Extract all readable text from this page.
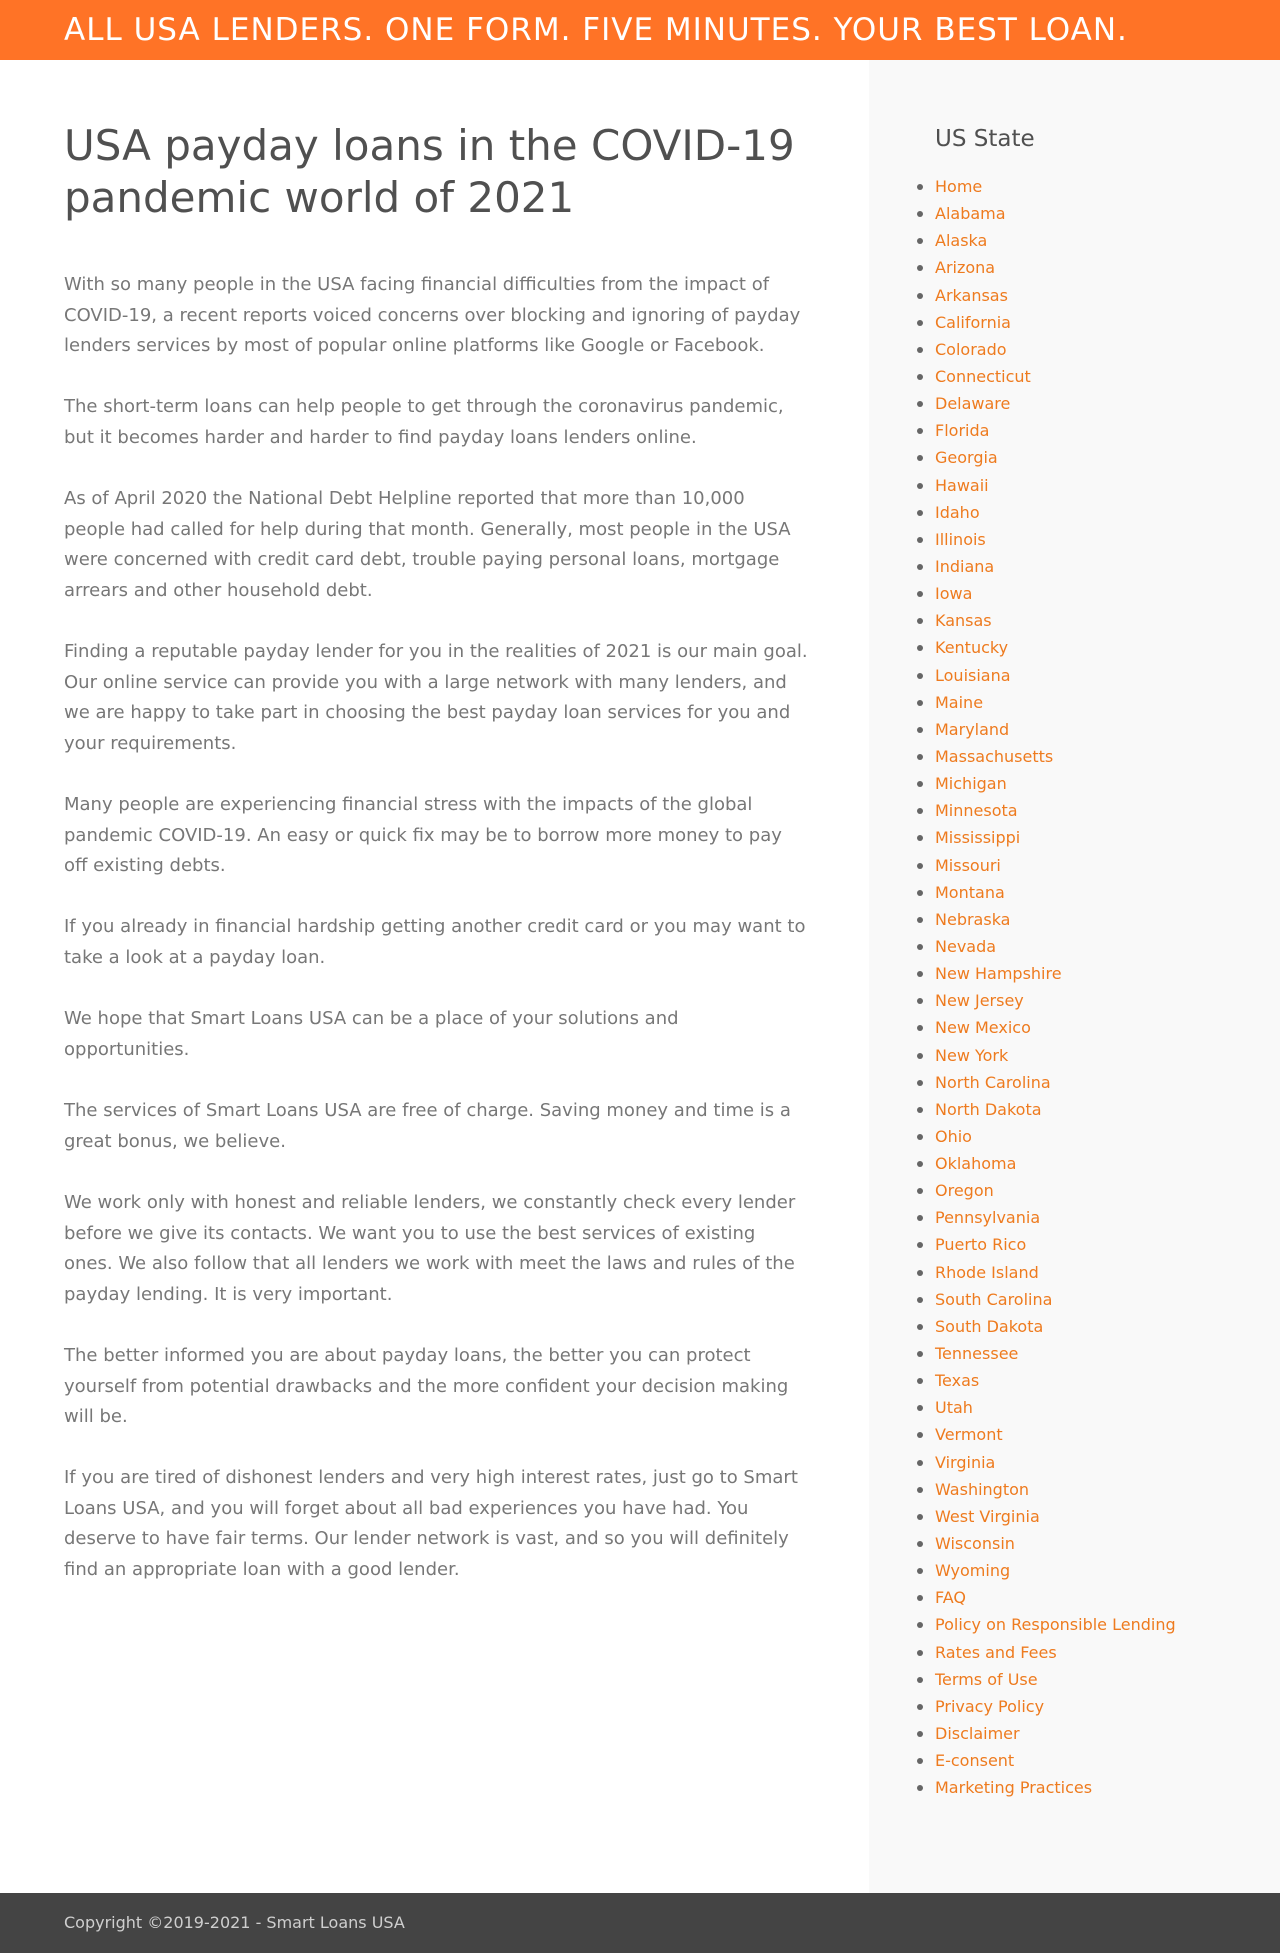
ALL USA LENDERS. ONE FORM. FIVE MINUTES. YOUR BEST LOAN.
USA payday loans in the COVID-19 pandemic world of 2021

With so many people in the USA facing financial difficulties from the impact of COVID-19, a recent reports voiced concerns over blocking and ignoring of payday lenders services by most of popular online platforms like Google or Facebook.

The short-term loans can help people to get through the coronavirus pandemic, but it becomes harder and harder to find payday loans lenders online.

As of April 2020 the National Debt Helpline reported that more than 10,000 people had called for help during that month. Generally, most people in the USA were concerned with credit card debt, trouble paying personal loans, mortgage arrears and other household debt.

Finding a reputable payday lender for you in the realities of 2021 is our main goal. Our online service can provide you with a large network with many lenders, and we are happy to take part in choosing the best payday loan services for you and your requirements.

Many people are experiencing financial stress with the impacts of the global pandemic COVID-19. An easy or quick fix may be to borrow more money to pay off existing debts.

If you already in financial hardship getting another credit card or you may want to take a look at a payday loan.

We hope that Smart Loans USA can be a place of your solutions and opportunities.

The services of Smart Loans USA are free of charge. Saving money and time is a great bonus, we believe.

We work only with honest and reliable lenders, we constantly check every lender before we give its contacts. We want you to use the best services of existing ones. We also follow that all lenders we work with meet the laws and rules of the payday lending. It is very important.

The better informed you are about payday loans, the better you can protect yourself from potential drawbacks and the more confident your decision making will be.

If you are tired of dishonest lenders and very high interest rates, just go to Smart Loans USA, and you will forget about all bad experiences you have had. You deserve to have fair terms. Our lender network is vast, and so you will definitely find an appropriate loan with a good lender.

US State
Home
Alabama
Alaska
Arizona
Arkansas
California
Colorado
Connecticut
Delaware
Florida
Georgia
Hawaii
Idaho
Illinois
Indiana
Iowa
Kansas
Kentucky
Louisiana
Maine
Maryland
Massachusetts
Michigan
Minnesota
Mississippi
Missouri
Montana
Nebraska
Nevada
New Hampshire
New Jersey
New Mexico
New York
North Carolina
North Dakota
Ohio
Oklahoma
Oregon
Pennsylvania
Puerto Rico
Rhode Island
South Carolina
South Dakota
Tennessee
Texas
Utah
Vermont
Virginia
Washington
West Virginia
Wisconsin
Wyoming
FAQ
Policy on Responsible Lending
Rates and Fees
Terms of Use
Privacy Policy
Disclaimer
E-consent
Marketing Practices
Copyright ©2019-2021 - Smart Loans USA
